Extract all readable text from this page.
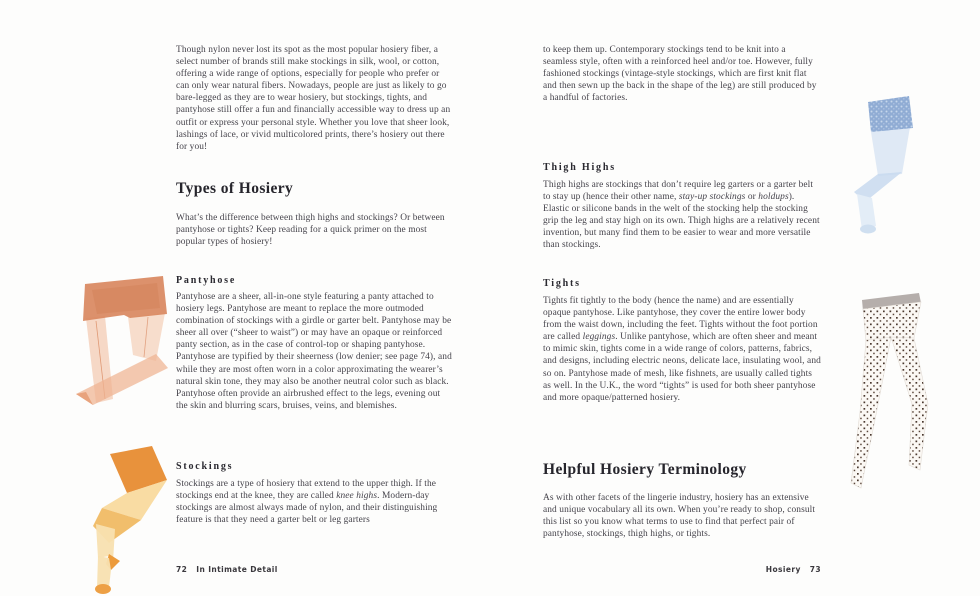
Though nylon never lost its spot as the most popular hosiery fiber, a select number of brands still make stockings in silk, wool, or cotton, offering a wide range of options, especially for people who prefer or can only wear natural fibers. Nowadays, people are just as likely to go bare-legged as they are to wear hosiery, but stockings, tights, and pantyhose still offer a fun and financially accessible way to dress up an outfit or express your personal style. Whether you love that sheer look, lashings of lace, or vivid multicolored prints, there’s hosiery out there for you!
Types of Hosiery
What’s the difference between thigh highs and stockings? Or between pantyhose or tights? Keep reading for a quick primer on the most popular types of hosiery!
Pantyhose
Pantyhose are a sheer, all-in-one style featuring a panty attached to hosiery legs. Pantyhose are meant to replace the more outmoded combination of stockings with a girdle or garter belt. Pantyhose may be sheer all over (“sheer to waist”) or may have an opaque or reinforced panty section, as in the case of control-top or shaping pantyhose. Pantyhose are typified by their sheerness (low denier; see page 74), and while they are most often worn in a color approximating the wearer’s natural skin tone, they may also be another neutral color such as black. Pantyhose often provide an airbrushed effect to the legs, evening out the skin and blurring scars, bruises, veins, and blemishes.
Stockings
Stockings are a type of hosiery that extend to the upper thigh. If the stockings end at the knee, they are called knee highs. Modern-day stockings are almost always made of nylon, and their distinguishing feature is that they need a garter belt or leg garters
72 In Intimate Detail
to keep them up. Contemporary stockings tend to be knit into a seamless style, often with a reinforced heel and/or toe. However, fully fashioned stockings (vintage-style stockings, which are first knit flat and then sewn up the back in the shape of the leg) are still produced by a handful of factories.
Thigh Highs
Thigh highs are stockings that don’t require leg garters or a garter belt to stay up (hence their other name, stay-up stockings or holdups). Elastic or silicone bands in the welt of the stocking help the stocking grip the leg and stay high on its own. Thigh highs are a relatively recent invention, but many find them to be easier to wear and more versatile than stockings.
Tights
Tights fit tightly to the body (hence the name) and are essentially opaque pantyhose. Like pantyhose, they cover the entire lower body from the waist down, including the feet. Tights without the foot portion are called leggings. Unlike pantyhose, which are often sheer and meant to mimic skin, tights come in a wide range of colors, patterns, fabrics, and designs, including electric neons, delicate lace, insulating wool, and so on. Pantyhose made of mesh, like fishnets, are usually called tights as well. In the U.K., the word “tights” is used for both sheer pantyhose and more opaque/patterned hosiery.
Helpful Hosiery Terminology
As with other facets of the lingerie industry, hosiery has an extensive and unique vocabulary all its own. When you’re ready to shop, consult this list so you know what terms to use to find that perfect pair of pantyhose, stockings, thigh highs, or tights.
Hosiery 73
